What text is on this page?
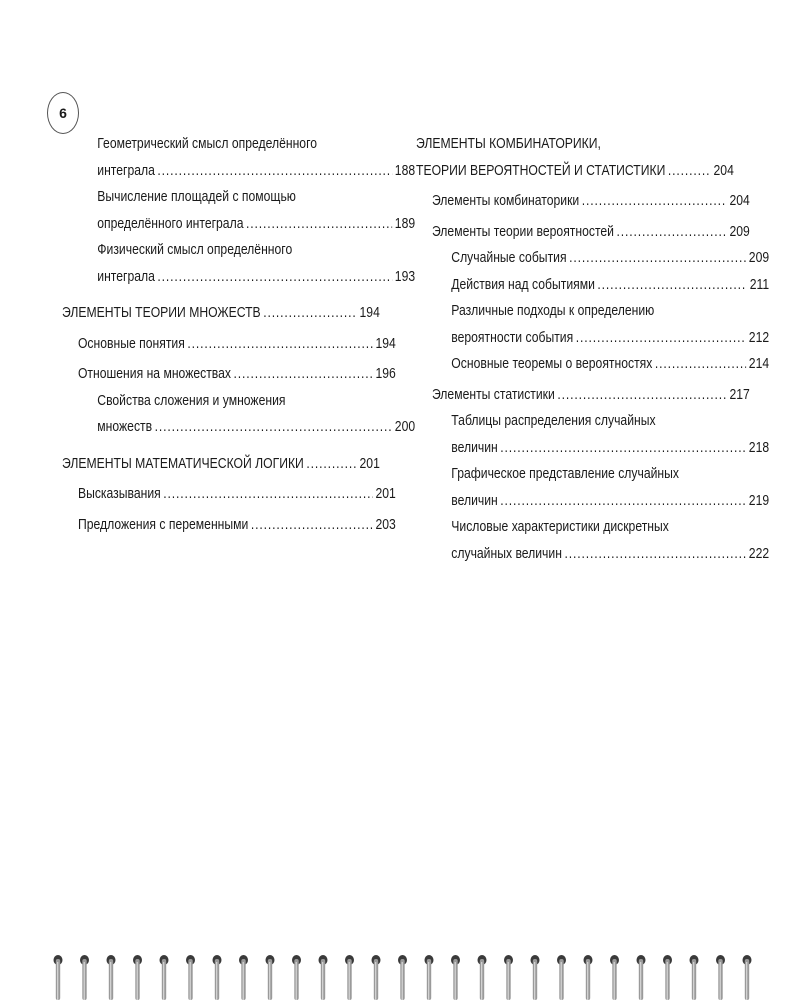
6
Геометрический смысл определённого
интеграла . . .	188
Вычисление площадей с помощью
определённого интеграла . . .	189
Физический смысл определённого
интеграла . . .	193
ЭЛЕМЕНТЫ ТЕОРИИ МНОЖЕСТВ . . .	194
Основные понятия . . .	194
Отношения на множествах . . .	196
Свойства сложения и умножения
множеств . . .	200
ЭЛЕМЕНТЫ МАТЕМАТИЧЕСКОЙ ЛОГИКИ . . .	201
Высказывания . . .	201
Предложения с переменными . . .	203
ЭЛЕМЕНТЫ КОМБИНАТОРИКИ,
ТЕОРИИ ВЕРОЯТНОСТЕЙ И СТАТИСТИКИ . . .	204
Элементы комбинаторики . . .	204
Элементы теории вероятностей . . .	209
Случайные события . . .	209
Действия над событиями . . .	211
Различные подходы к определению
вероятности события . . .	212
Основные теоремы о вероятностях . . .	214
Элементы статистики . . .	217
Таблицы распределения случайных
величин . . .	218
Графическое представление случайных
величин . . .	219
Числовые характеристики дискретных
случайных величин . . .	222
